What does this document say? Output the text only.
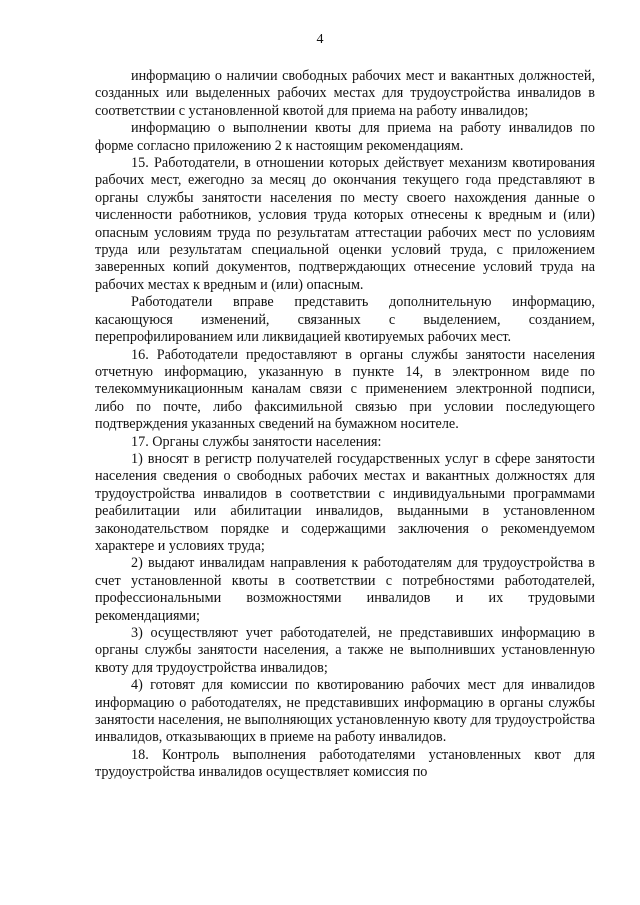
4

информацию о наличии свободных рабочих мест и вакантных должностей, созданных или выделенных рабочих местах для трудоустройства инвалидов в соответствии с установленной квотой для приема на работу инвалидов;

информацию о выполнении квоты для приема на работу инвалидов по форме согласно приложению 2 к настоящим рекомендациям.

15. Работодатели, в отношении которых действует механизм квотирования рабочих мест, ежегодно за месяц до окончания текущего года представляют в органы службы занятости населения по месту своего нахождения данные о численности работников, условия труда которых отнесены к вредным и (или) опасным условиям труда по результатам аттестации рабочих мест по условиям труда или результатам специальной оценки условий труда, с приложением заверенных копий документов, подтверждающих отнесение условий труда на рабочих местах к вредным и (или) опасным.

Работодатели вправе представить дополнительную информацию, касающуюся изменений, связанных с выделением, созданием, перепрофилированием или ликвидацией квотируемых рабочих мест.

16. Работодатели предоставляют в органы службы занятости населения отчетную информацию, указанную в пункте 14, в электронном виде по телекоммуникационным каналам связи с применением электронной подписи, либо по почте, либо факсимильной связью при условии последующего подтверждения указанных сведений на бумажном носителе.

17. Органы службы занятости населения:

1) вносят в регистр получателей государственных услуг в сфере занятости населения сведения о свободных рабочих местах и вакантных должностях для трудоустройства инвалидов в соответствии с индивидуальными программами реабилитации или абилитации инвалидов, выданными в установленном законодательством порядке и содержащими заключения о рекомендуемом характере и условиях труда;

2) выдают инвалидам направления к работодателям для трудоустройства в счет установленной квоты в соответствии с потребностями работодателей, профессиональными возможностями инвалидов и их трудовыми рекомендациями;

3) осуществляют учет работодателей, не представивших информацию в органы службы занятости населения, а также не выполнивших установленную квоту для трудоустройства инвалидов;

4) готовят для комиссии по квотированию рабочих мест для инвалидов информацию о работодателях, не представивших информацию в органы службы занятости населения, не выполняющих установленную квоту для трудоустройства инвалидов, отказывающих в приеме на работу инвалидов.

18. Контроль выполнения работодателями установленных квот для трудоустройства инвалидов осуществляет комиссия по
